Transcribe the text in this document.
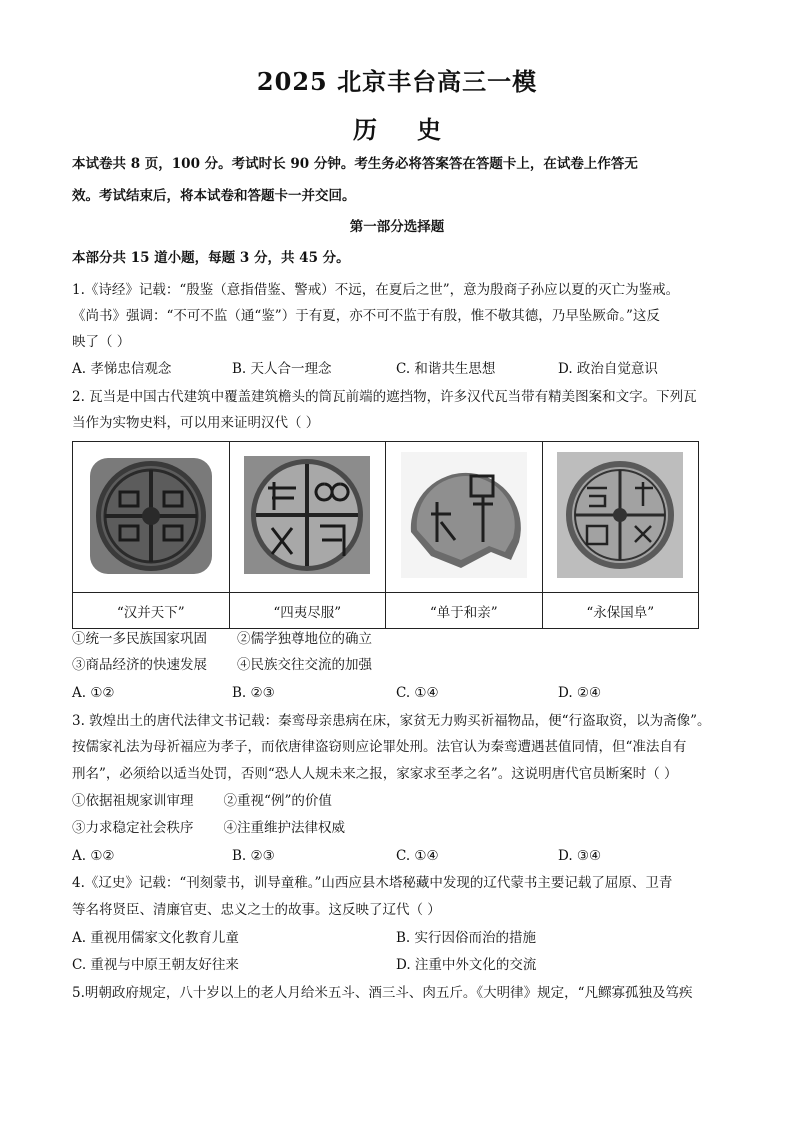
2025 北京丰台高三一模
历 史
本试卷共 8 页，100 分。考试时长 90 分钟。考生务必将答案答在答题卡上，在试卷上作答无
效。考试结束后，将本试卷和答题卡一并交回。
第一部分选择题
本部分共 15 道小题，每题 3 分，共 45 分。
1.《诗经》记载：“殷鉴（意指借鉴、警戒）不远，在夏后之世”，意为殷商子孙应以夏的灭亡为鉴戒。
《尚书》强调：“不可不监（通“鉴”）于有夏，亦不可不监于有殷，惟不敬其德，乃早坠厥命。”这反
映了（ ）
A. 孝悌忠信观念	B. 天人合一理念	C. 和谐共生思想	D. 政治自觉意识
2. 瓦当是中国古代建筑中覆盖建筑檐头的筒瓦前端的遮挡物，许多汉代瓦当带有精美图案和文字。下列瓦
当作为实物史料，可以用来证明汉代（ ）

“汉并天下”	“四夷尽服”	“单于和亲”	“永保国阜”
①统一多民族国家巩固       ②儒学独尊地位的确立
③商品经济的快速发展       ④民族交往交流的加强
A. ①②	B. ②③	C. ①④	D. ②④
3. 敦煌出土的唐代法律文书记载：秦鸾母亲患病在床，家贫无力购买祈福物品，便“行盗取资，以为斋像”。
按儒家礼法为母祈福应为孝子，而依唐律盗窃则应论罪处刑。法官认为秦鸾遭遇甚值同情，但“准法自有
刑名”，必须给以适当处罚，否则“恐人人规未来之报，家家求至孝之名”。这说明唐代官员断案时（ ）
①依据祖规家训审理       ②重视“例”的价值
③力求稳定社会秩序       ④注重维护法律权威
A. ①②	B. ②③	C. ①④	D. ③④
4.《辽史》记载：“刊刻蒙书，训导童稚。”山西应县木塔秘藏中发现的辽代蒙书主要记载了屈原、卫青
等名将贤臣、清廉官吏、忠义之士的故事。这反映了辽代（ ）
A. 重视用儒家文化教育儿童	B. 实行因俗而治的措施
C. 重视与中原王朝友好往来	D. 注重中外文化的交流
5.明朝政府规定，八十岁以上的老人月给米五斗、酒三斗、肉五斤。《大明律》规定，“凡鳏寡孤独及笃疾
